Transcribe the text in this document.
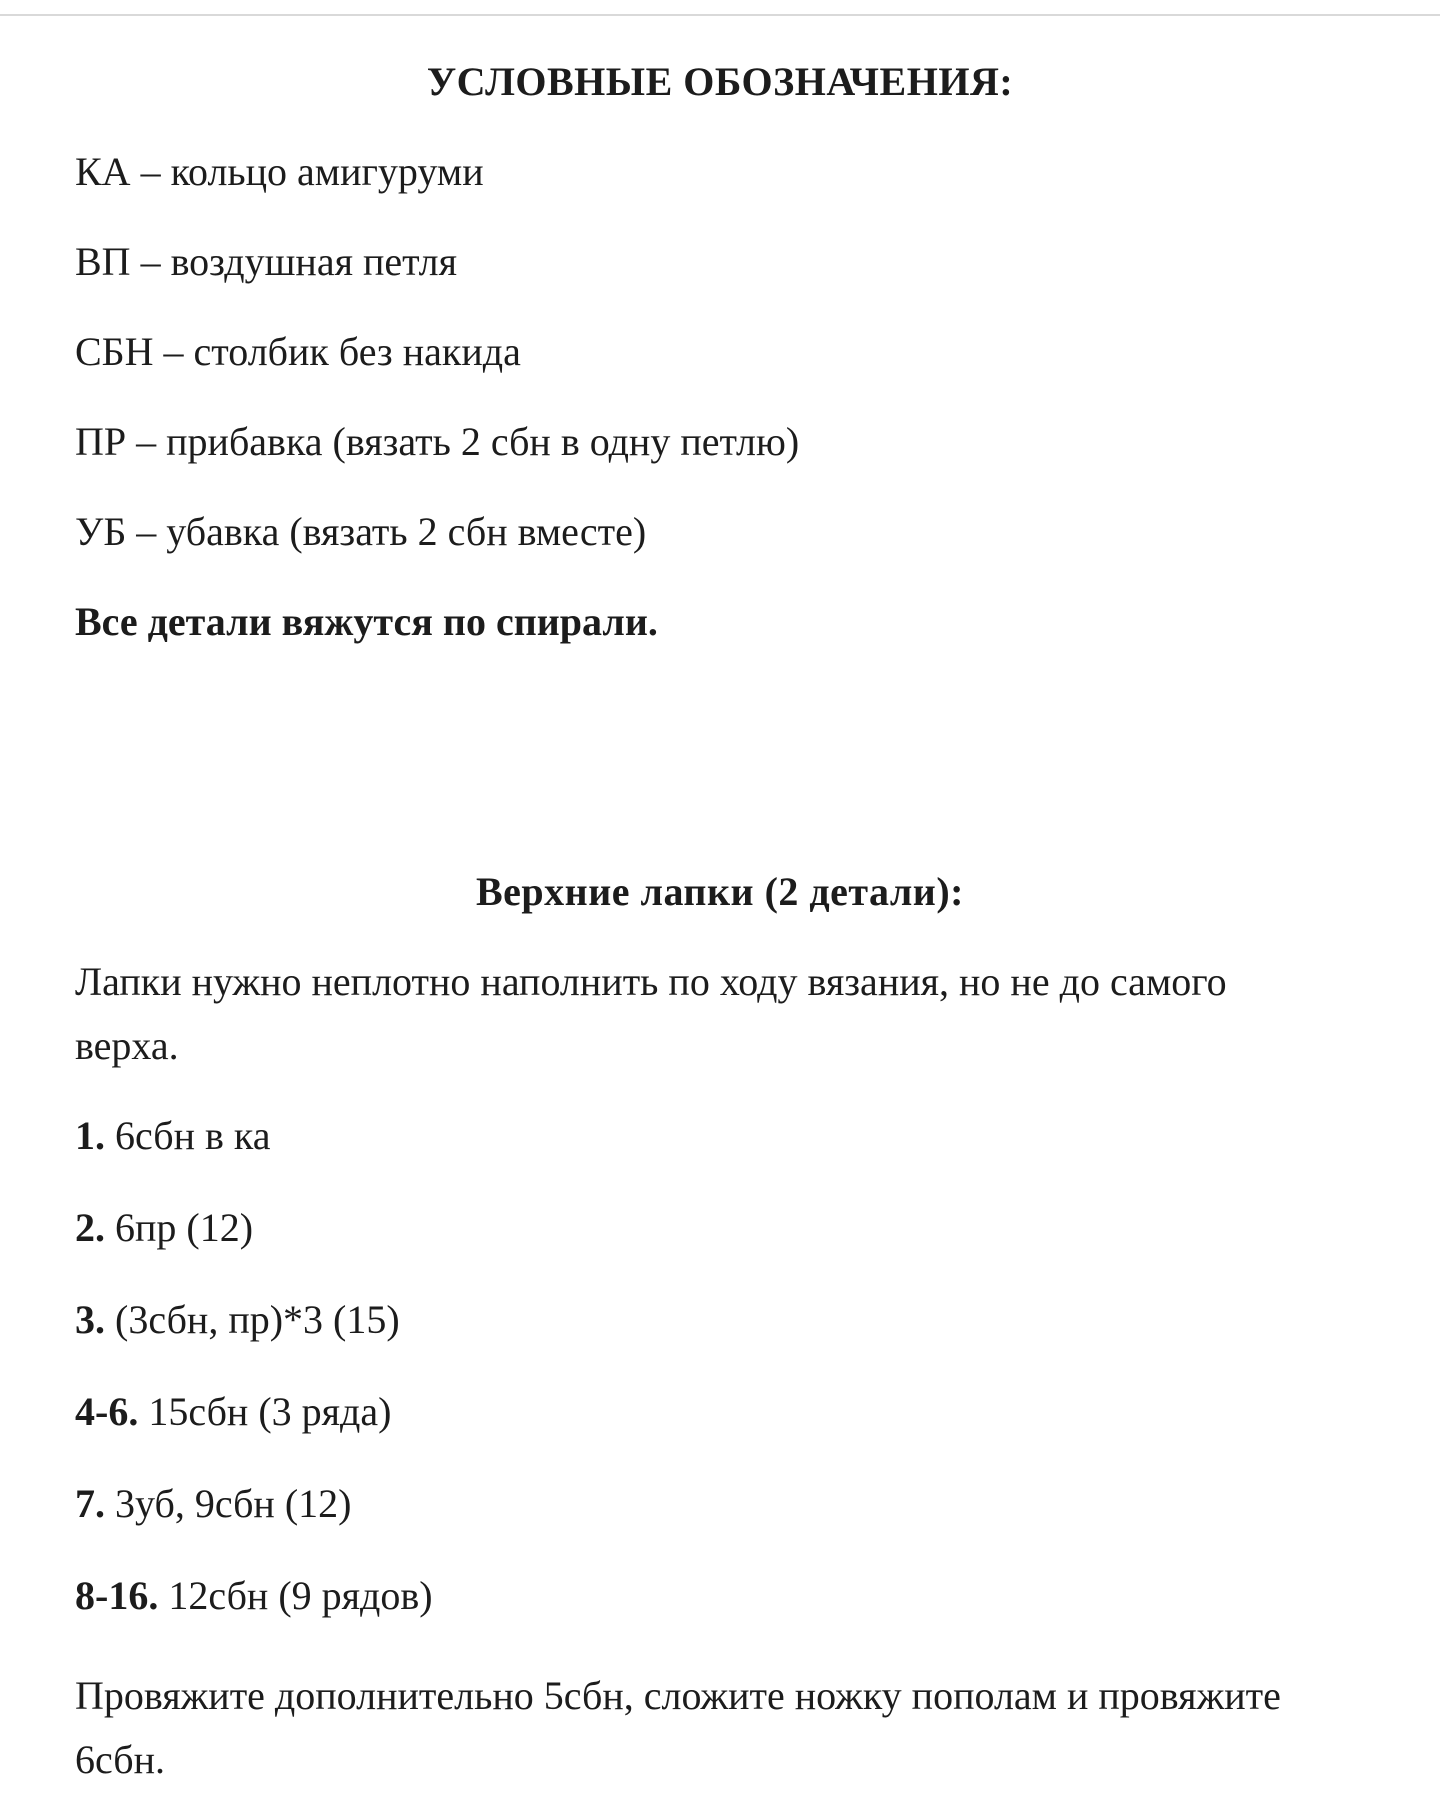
УСЛОВНЫЕ ОБОЗНАЧЕНИЯ:
КА – кольцо амигуруми
ВП – воздушная петля
СБН – столбик без накида
ПР – прибавка (вязать 2 сбн в одну петлю)
УБ – убавка (вязать 2 сбн вместе)
Все детали вяжутся по спирали.
Верхние лапки (2 детали):
Лапки нужно неплотно наполнить по ходу вязания, но не до самого верха.
1. 6сбн в ка
2. 6пр (12)
3. (3сбн, пр)*3 (15)
4-6. 15сбн (3 ряда)
7. 3уб, 9сбн (12)
8-16. 12сбн (9 рядов)
Провяжите дополнительно 5сбн, сложите ножку пополам и провяжите 6сбн.
